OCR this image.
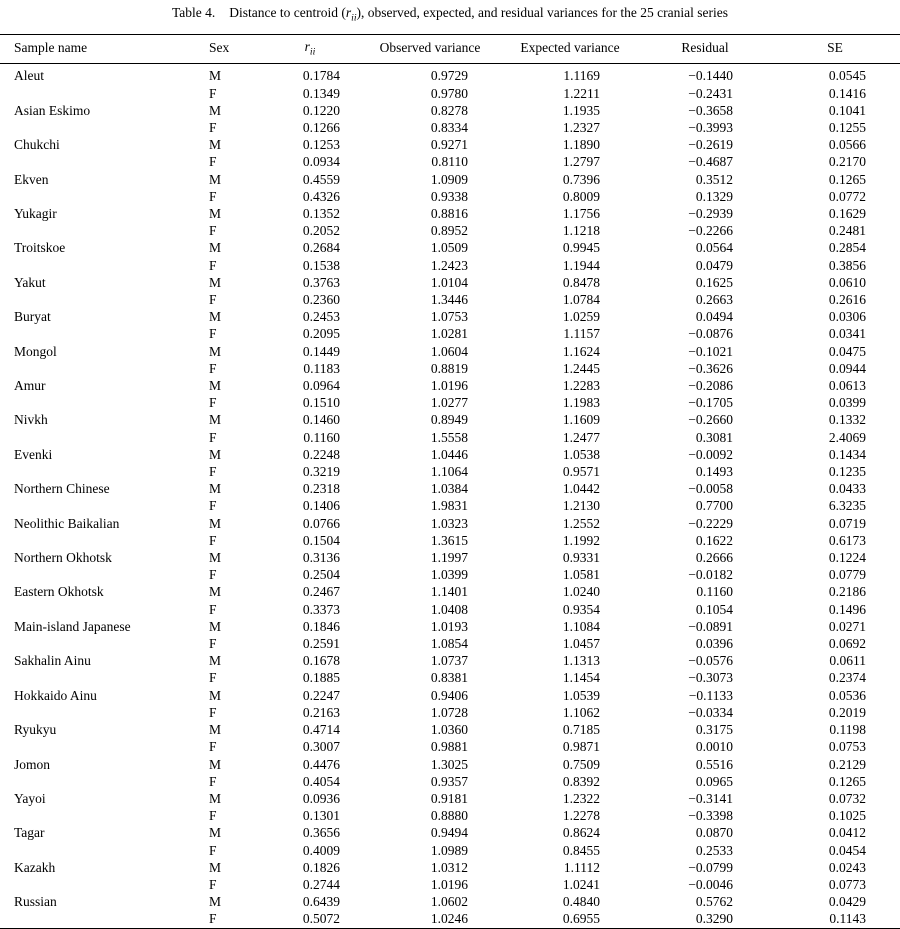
Table 4. Distance to centroid $(r_{ii})$, observed, expected, and residual variances for the 25 cranial series
Sample name	Sex	$r_{ii}$	Observed variance	Expected variance	Residual	SE
Aleut	M	0.1784	0.9729	1.1169	−0.1440	0.0545
	F	0.1349	0.9780	1.2211	−0.2431	0.1416
Asian Eskimo	M	0.1220	0.8278	1.1935	−0.3658	0.1041
	F	0.1266	0.8334	1.2327	−0.3993	0.1255
Chukchi	M	0.1253	0.9271	1.1890	−0.2619	0.0566
	F	0.0934	0.8110	1.2797	−0.4687	0.2170
Ekven	M	0.4559	1.0909	0.7396	0.3512	0.1265
	F	0.4326	0.9338	0.8009	0.1329	0.0772
Yukagir	M	0.1352	0.8816	1.1756	−0.2939	0.1629
	F	0.2052	0.8952	1.1218	−0.2266	0.2481
Troitskoe	M	0.2684	1.0509	0.9945	0.0564	0.2854
	F	0.1538	1.2423	1.1944	0.0479	0.3856
Yakut	M	0.3763	1.0104	0.8478	0.1625	0.0610
	F	0.2360	1.3446	1.0784	0.2663	0.2616
Buryat	M	0.2453	1.0753	1.0259	0.0494	0.0306
	F	0.2095	1.0281	1.1157	−0.0876	0.0341
Mongol	M	0.1449	1.0604	1.1624	−0.1021	0.0475
	F	0.1183	0.8819	1.2445	−0.3626	0.0944
Amur	M	0.0964	1.0196	1.2283	−0.2086	0.0613
	F	0.1510	1.0277	1.1983	−0.1705	0.0399
Nivkh	M	0.1460	0.8949	1.1609	−0.2660	0.1332
	F	0.1160	1.5558	1.2477	0.3081	2.4069
Evenki	M	0.2248	1.0446	1.0538	−0.0092	0.1434
	F	0.3219	1.1064	0.9571	0.1493	0.1235
Northern Chinese	M	0.2318	1.0384	1.0442	−0.0058	0.0433
	F	0.1406	1.9831	1.2130	0.7700	6.3235
Neolithic Baikalian	M	0.0766	1.0323	1.2552	−0.2229	0.0719
	F	0.1504	1.3615	1.1992	0.1622	0.6173
Northern Okhotsk	M	0.3136	1.1997	0.9331	0.2666	0.1224
	F	0.2504	1.0399	1.0581	−0.0182	0.0779
Eastern Okhotsk	M	0.2467	1.1401	1.0240	0.1160	0.2186
	F	0.3373	1.0408	0.9354	0.1054	0.1496
Main-island Japanese	M	0.1846	1.0193	1.1084	−0.0891	0.0271
	F	0.2591	1.0854	1.0457	0.0396	0.0692
Sakhalin Ainu	M	0.1678	1.0737	1.1313	−0.0576	0.0611
	F	0.1885	0.8381	1.1454	−0.3073	0.2374
Hokkaido Ainu	M	0.2247	0.9406	1.0539	−0.1133	0.0536
	F	0.2163	1.0728	1.1062	−0.0334	0.2019
Ryukyu	M	0.4714	1.0360	0.7185	0.3175	0.1198
	F	0.3007	0.9881	0.9871	0.0010	0.0753
Jomon	M	0.4476	1.3025	0.7509	0.5516	0.2129
	F	0.4054	0.9357	0.8392	0.0965	0.1265
Yayoi	M	0.0936	0.9181	1.2322	−0.3141	0.0732
	F	0.1301	0.8880	1.2278	−0.3398	0.1025
Tagar	M	0.3656	0.9494	0.8624	0.0870	0.0412
	F	0.4009	1.0989	0.8455	0.2533	0.0454
Kazakh	M	0.1826	1.0312	1.1112	−0.0799	0.0243
	F	0.2744	1.0196	1.0241	−0.0046	0.0773
Russian	M	0.6439	1.0602	0.4840	0.5762	0.0429
	F	0.5072	1.0246	0.6955	0.3290	0.1143
